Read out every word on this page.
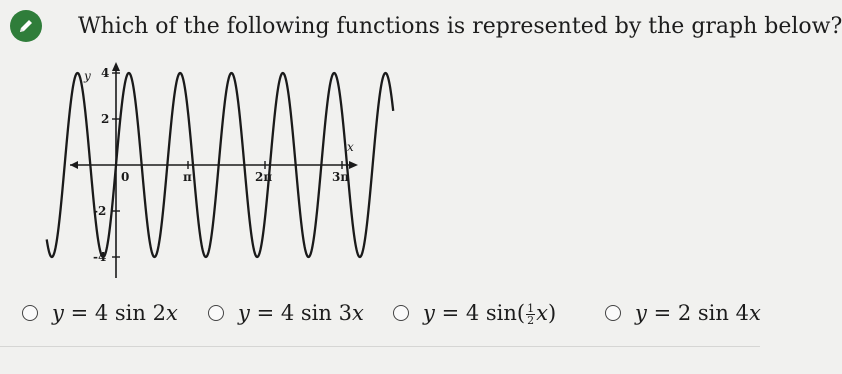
Which of the following functions is represented by the graph below?
y 4
2
-2
-4
0	π	2π	3π
x
y = 4 sin 2x	y = 4 sin 3x	y = 4 $\sin( \frac{1}{2} x)$	y = 2 sin 4x
